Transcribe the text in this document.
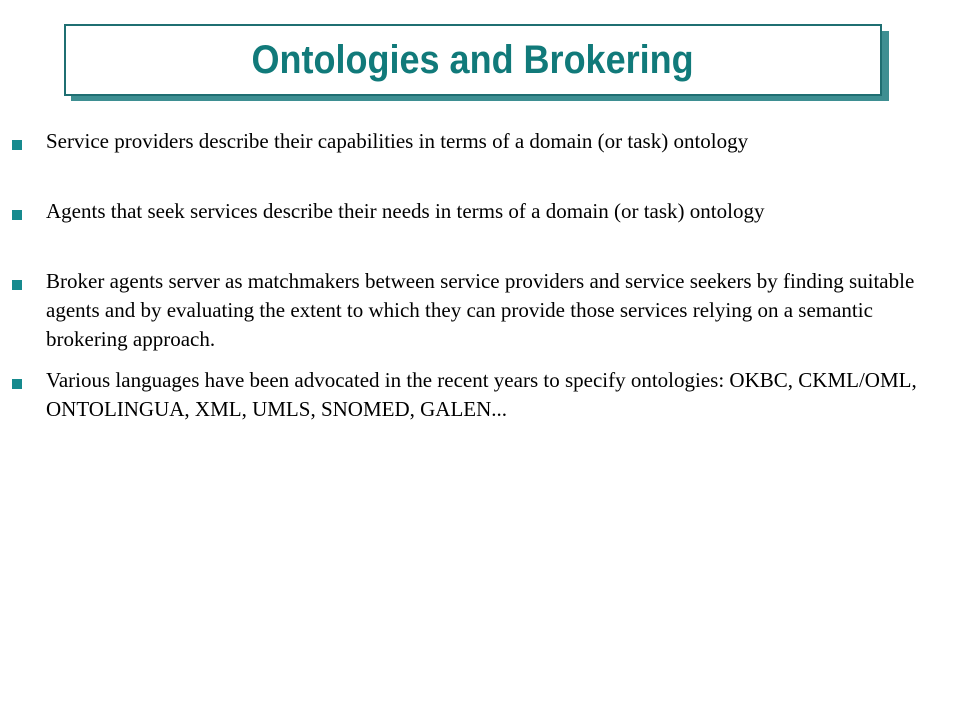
Ontologies and Brokering
Service providers describe their capabilities in terms of a domain (or task) ontology
Agents that seek services describe their needs in terms of a domain (or task) ontology
Broker agents server as matchmakers between service providers and service seekers by finding suitable agents and by evaluating the extent to which they can provide those services relying on a semantic brokering approach.
Various languages have been advocated in the recent years to specify ontologies: OKBC, CKML/OML, ONTOLINGUA, XML, UMLS, SNOMED, GALEN...
